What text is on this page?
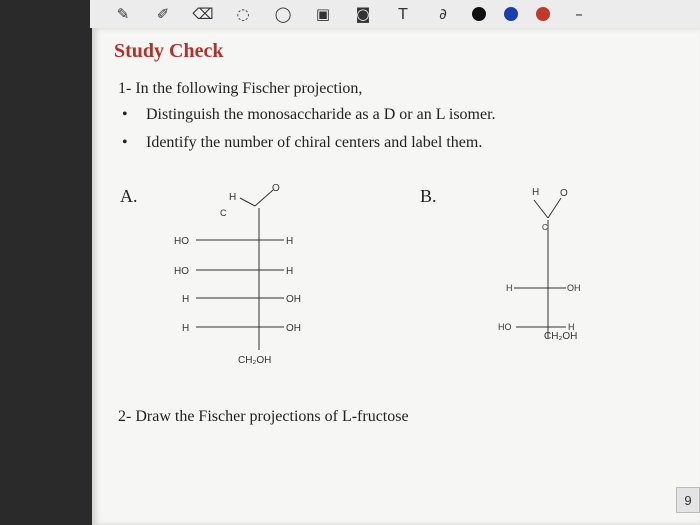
✎	✐	⌫ ◌ ◯ ▣ ◙	T	∂	–
Study Check
1- In the following Fischer projection,
• Distinguish the monosaccharide as a D or an L isomer.
• Identify the number of chiral centers and label them.
A.	B.
H
O
C
HO	H
HO	H
H	OH
H	OH
CH₂OH
H O
C
H	OH
HO	H
CH₂OH
2- Draw the Fischer projections of L-fructose
9
